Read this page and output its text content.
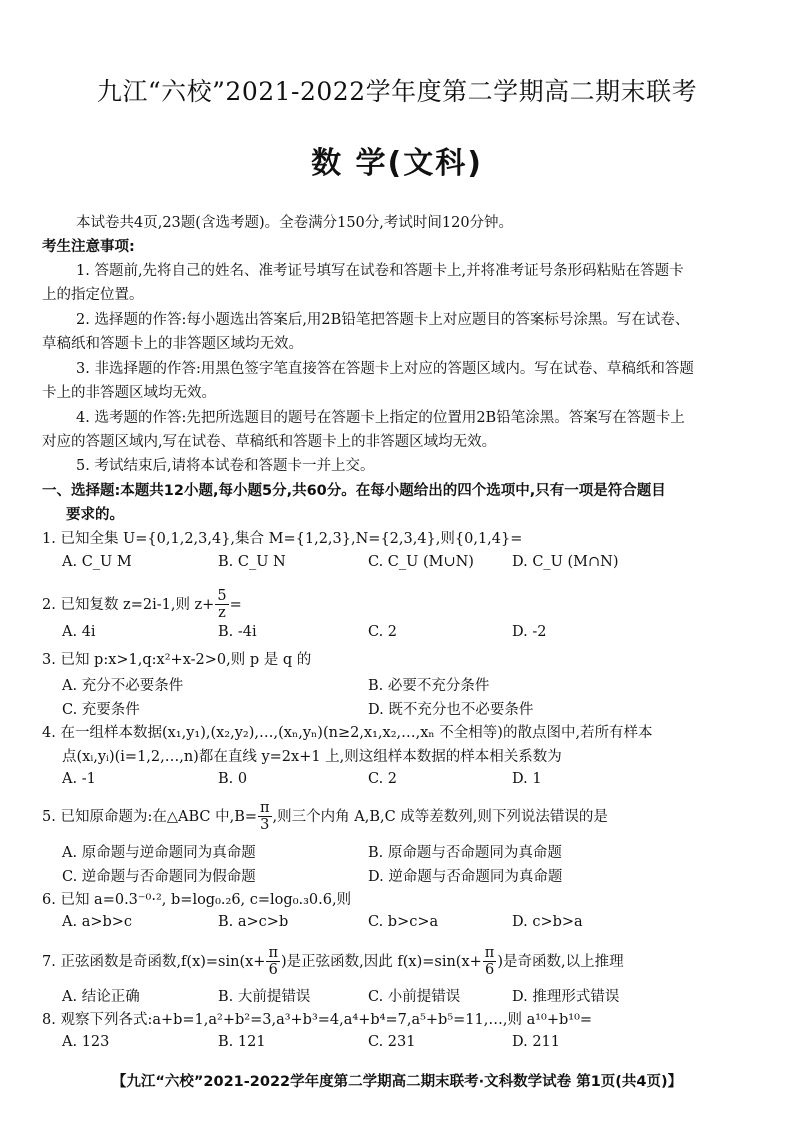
九江“六校”2021-2022学年度第二学期高二期末联考
数 学(文科)
本试卷共4页,23题(含选考题)。全卷满分150分,考试时间120分钟。
考生注意事项:
1. 答题前,先将自己的姓名、准考证号填写在试卷和答题卡上,并将准考证号条形码粘贴在答题卡
上的指定位置。
2. 选择题的作答:每小题选出答案后,用2B铅笔把答题卡上对应题目的答案标号涂黑。写在试卷、
草稿纸和答题卡上的非答题区域均无效。
3. 非选择题的作答:用黑色签字笔直接答在答题卡上对应的答题区域内。写在试卷、草稿纸和答题
卡上的非答题区域均无效。
4. 选考题的作答:先把所选题目的题号在答题卡上指定的位置用2B铅笔涂黑。答案写在答题卡上
对应的答题区域内,写在试卷、草稿纸和答题卡上的非答题区域均无效。
5. 考试结束后,请将本试卷和答题卡一并上交。
一、选择题:本题共12小题,每小题5分,共60分。在每小题给出的四个选项中,只有一项是符合题目
要求的。
1. 已知全集 U={0,1,2,3,4},集合 M={1,2,3},N={2,3,4},则{0,1,4}=
A. C_U M	B. C_U N	C. C_U (M∪N)	D. C_U (M∩N)
2. 已知复数 z=2i-1,则 $z+ \frac{5}{z}$ =
A. 4i	B. -4i	C. 2	D. -2
3. 已知 p:x>1,q:x²+x-2>0,则 p 是 q 的
A. 充分不必要条件	B. 必要不充分条件
C. 充要条件	D. 既不充分也不必要条件
4. 在一组样本数据(x₁,y₁),(x₂,y₂),…,(xₙ,yₙ)(n≥2,x₁,x₂,…,xₙ 不全相等)的散点图中,若所有样本
点(xᵢ,yᵢ)(i=1,2,…,n)都在直线 y=2x+1 上,则这组样本数据的样本相关系数为
A. -1	B. 0	C. 2	D. 1
5. 已知原命题为:在△ABC 中$,B= \frac{\pi}{3}$ ,则三个内角 A,B,C 成等差数列,则下列说法错误的是
A. 原命题与逆命题同为真命题	B. 原命题与否命题同为真命题
C. 逆命题与否命题同为假命题	D. 逆命题与否命题同为真命题
6. 已知 a=0.3⁻⁰·², b=log₀.₂6, c=log₀.₃0.6,则
A. a>b>c	B. a>c>b	C. b>c>a	D. c>b>a
7. 正弦函数是奇函数$,f(x)=\sin(x+ \frac{\pi}{6}$ )是正弦函数,因此 $f(x)=\sin(x+ \frac{\pi}{6}$ )是奇函数,以上推理
A. 结论正确	B. 大前提错误	C. 小前提错误	D. 推理形式错误
8. 观察下列各式:a+b=1,a²+b²=3,a³+b³=4,a⁴+b⁴=7,a⁵+b⁵=11,…,则 a¹⁰+b¹⁰=
A. 123	B. 121	C. 231	D. 211
【九江“六校”2021-2022学年度第二学期高二期末联考·文科数学试卷 第1页(共4页)】
